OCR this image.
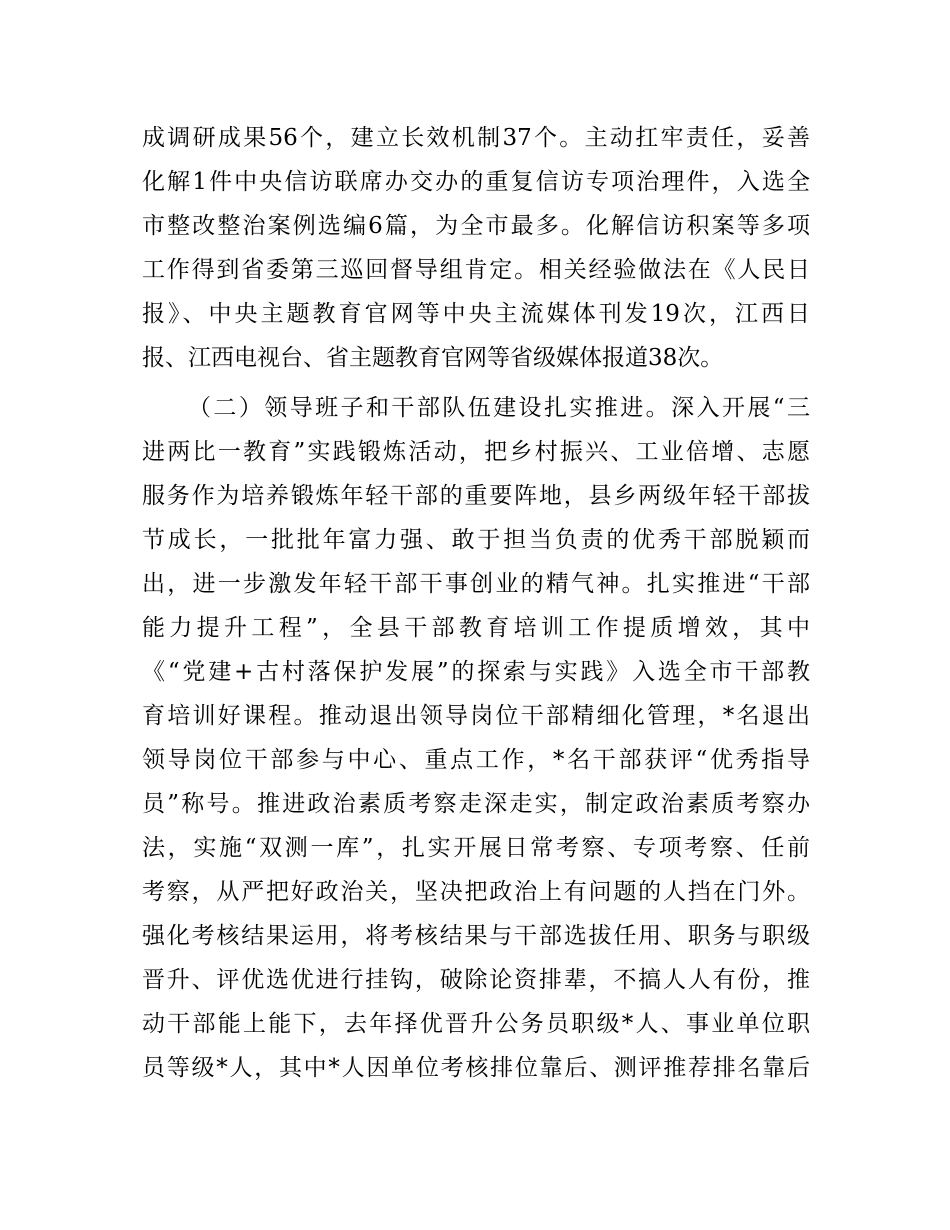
成调研成果56个，建立长效机制37个。主动扛牢责任，妥善
化解1件中央信访联席办交办的重复信访专项治理件，入选全
市整改整治案例选编6篇，为全市最多。化解信访积案等多项
工作得到省委第三巡回督导组肯定。相关经验做法在《人民日
报》、中央主题教育官网等中央主流媒体刊发19次，江西日
报、江西电视台、省主题教育官网等省级媒体报道38次。
（二）领导班子和干部队伍建设扎实推进。深入开展“三
进两比一教育”实践锻炼活动，把乡村振兴、工业倍增、志愿
服务作为培养锻炼年轻干部的重要阵地，县乡两级年轻干部拔
节成长，一批批年富力强、敢于担当负责的优秀干部脱颖而
出，进一步激发年轻干部干事创业的精气神。扎实推进“干部
能力提升工程”，全县干部教育培训工作提质增效，其中
《“党建+古村落保护发展”的探索与实践》入选全市干部教
育培训好课程。推动退出领导岗位干部精细化管理，*名退出
领导岗位干部参与中心、重点工作，*名干部获评“优秀指导
员”称号。推进政治素质考察走深走实，制定政治素质考察办
法，实施“双测一库”，扎实开展日常考察、专项考察、任前
考察，从严把好政治关，坚决把政治上有问题的人挡在门外。
强化考核结果运用，将考核结果与干部选拔任用、职务与职级
晋升、评优选优进行挂钩，破除论资排辈，不搞人人有份，推
动干部能上能下，去年择优晋升公务员职级*人、事业单位职
员等级*人，其中*人因单位考核排位靠后、测评推荐排名靠后
